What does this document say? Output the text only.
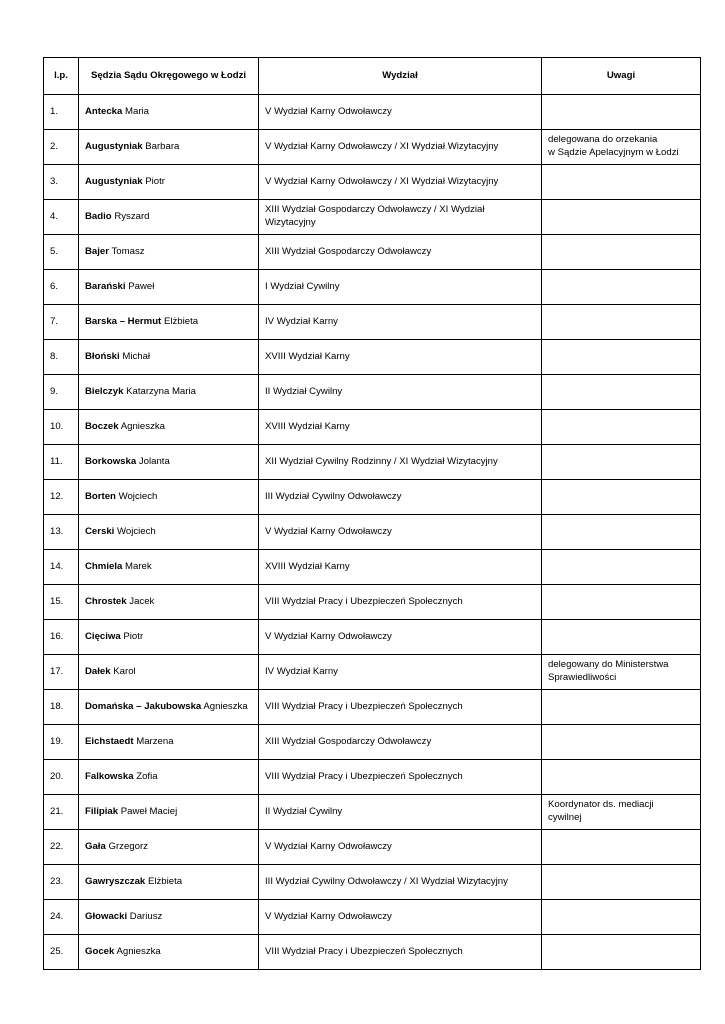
l.p.	Sędzia Sądu Okręgowego w Łodzi	Wydział	Uwagi
1.	Antecka Maria	V Wydział Karny Odwoławczy	
2.	Augustyniak Barbara	V Wydział Karny Odwoławczy / XI Wydział Wizytacyjny	delegowana do orzekania
w Sądzie Apelacyjnym w Łodzi
3.	Augustyniak Piotr	V Wydział Karny Odwoławczy / XI Wydział Wizytacyjny	
4.	Badio Ryszard	XIII Wydział Gospodarczy Odwoławczy / XI Wydział Wizytacyjny	
5.	Bajer Tomasz	XIII Wydział Gospodarczy Odwoławczy	
6.	Barański Paweł	I Wydział Cywilny	
7.	Barska – Hermut Elżbieta	IV Wydział Karny	
8.	Błoński Michał	XVIII Wydział Karny	
9.	Bielczyk Katarzyna Maria	II Wydział Cywilny	
10.	Boczek Agnieszka	XVIII Wydział Karny	
11.	Borkowska Jolanta	XII Wydział Cywilny Rodzinny / XI Wydział Wizytacyjny	
12.	Borten Wojciech	III Wydział Cywilny Odwoławczy	
13.	Cerski Wojciech	V Wydział Karny Odwoławczy	
14.	Chmiela Marek	XVIII Wydział Karny	
15.	Chrostek Jacek	VIII Wydział Pracy i Ubezpieczeń Społecznych	
16.	Cięciwa Piotr	V Wydział Karny Odwoławczy	
17.	Dałek Karol	IV Wydział Karny	delegowany do Ministerstwa
Sprawiedliwości
18.	Domańska – Jakubowska Agnieszka	VIII Wydział Pracy i Ubezpieczeń Społecznych	
19.	Eichstaedt Marzena	XIII Wydział Gospodarczy Odwoławczy	
20.	Falkowska Zofia	VIII Wydział Pracy i Ubezpieczeń Społecznych	
21.	Filipiak Paweł Maciej	II Wydział Cywilny	Koordynator ds. mediacji
cywilnej
22.	Gała Grzegorz	V Wydział Karny Odwoławczy	
23.	Gawryszczak Elżbieta	III Wydział Cywilny Odwoławczy / XI Wydział Wizytacyjny	
24.	Głowacki Dariusz	V Wydział Karny Odwoławczy	
25.	Gocek Agnieszka	VIII Wydział Pracy i Ubezpieczeń Społecznych	
